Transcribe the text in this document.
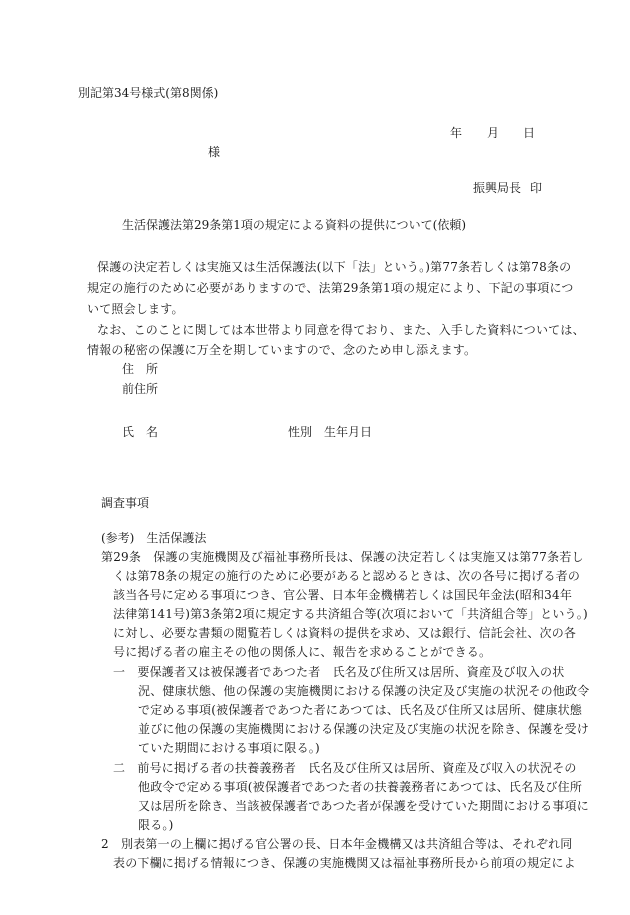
別記第34号様式(第8関係)
年 月 日
様
振興局長 印
生活保護法第29条第1項の規定による資料の提供について(依頼)
保護の決定若しくは実施又は生活保護法(以下「法」という。)第77条若しくは第78条の
規定の施行のために必要がありますので、法第29条第1項の規定により、下記の事項につ
いて照会します。
なお、このことに関しては本世帯より同意を得ており、また、入手した資料については、
情報の秘密の保護に万全を期していますので、念のため申し添えます。
住　所
前住所
氏　名	性別　生年月日
調査事項
(参考)　生活保護法
第29条　保護の実施機関及び福祉事務所長は、保護の決定若しくは実施又は第77条若し
くは第78条の規定の施行のために必要があると認めるときは、次の各号に掲げる者の
該当各号に定める事項につき、官公署、日本年金機構若しくは国民年金法(昭和34年
法律第141号)第3条第2項に規定する共済組合等(次項において「共済組合等」という。)
に対し、必要な書類の閲覧若しくは資料の提供を求め、又は銀行、信託会社、次の各
号に掲げる者の雇主その他の関係人に、報告を求めることができる。
一　要保護者又は被保護者であつた者　氏名及び住所又は居所、資産及び収入の状
況、健康状態、他の保護の実施機関における保護の決定及び実施の状況その他政令
で定める事項(被保護者であつた者にあつては、氏名及び住所又は居所、健康状態
並びに他の保護の実施機関における保護の決定及び実施の状況を除き、保護を受け
ていた期間における事項に限る。)
二　前号に掲げる者の扶養義務者　氏名及び住所又は居所、資産及び収入の状況その
他政令で定める事項(被保護者であつた者の扶養義務者にあつては、氏名及び住所
又は居所を除き、当該被保護者であつた者が保護を受けていた期間における事項に
限る。)
2　別表第一の上欄に掲げる官公署の長、日本年金機構又は共済組合等は、それぞれ同
表の下欄に掲げる情報につき、保護の実施機関又は福祉事務所長から前項の規定によ
